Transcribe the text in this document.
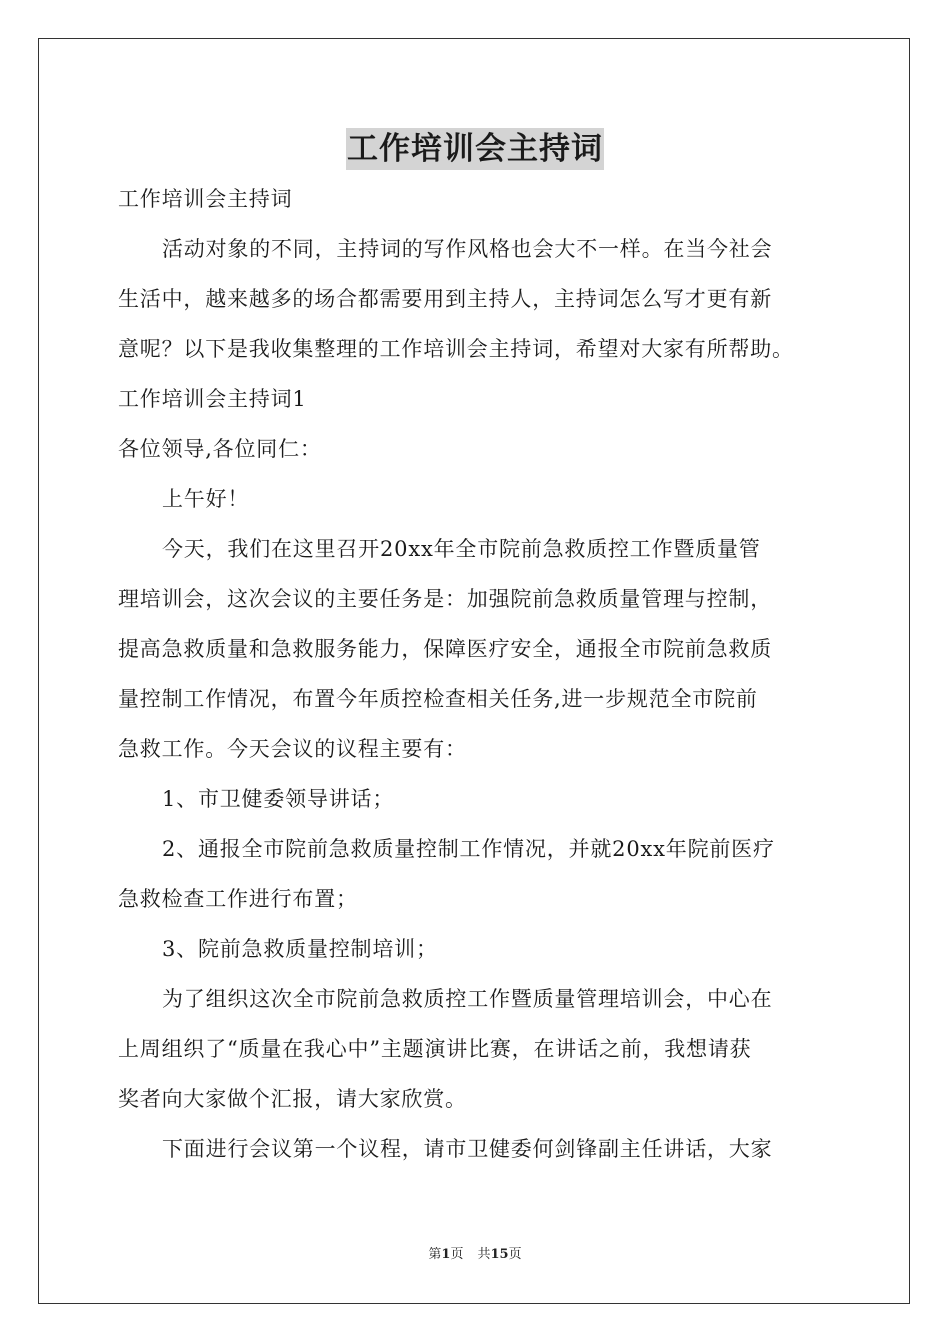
工作培训会主持词

工作培训会主持词

活动对象的不同，主持词的写作风格也会大不一样。在当今社会

生活中，越来越多的场合都需要用到主持人，主持词怎么写才更有新

意呢？以下是我收集整理的工作培训会主持词，希望对大家有所帮助。

工作培训会主持词1

各位领导,各位同仁：

上午好！

今天，我们在这里召开20xx年全市院前急救质控工作暨质量管

理培训会，这次会议的主要任务是：加强院前急救质量管理与控制，

提高急救质量和急救服务能力，保障医疗安全，通报全市院前急救质

量控制工作情况，布置今年质控检查相关任务,进一步规范全市院前

急救工作。今天会议的议程主要有：

1、市卫健委领导讲话；

2、通报全市院前急救质量控制工作情况，并就20xx年院前医疗

急救检查工作进行布置；

3、院前急救质量控制培训；

为了组织这次全市院前急救质控工作暨质量管理培训会，中心在

上周组织了“质量在我心中”主题演讲比赛，在讲话之前，我想请获

奖者向大家做个汇报，请大家欣赏。

下面进行会议第一个议程，请市卫健委何剑锋副主任讲话，大家

第1页 共15页
